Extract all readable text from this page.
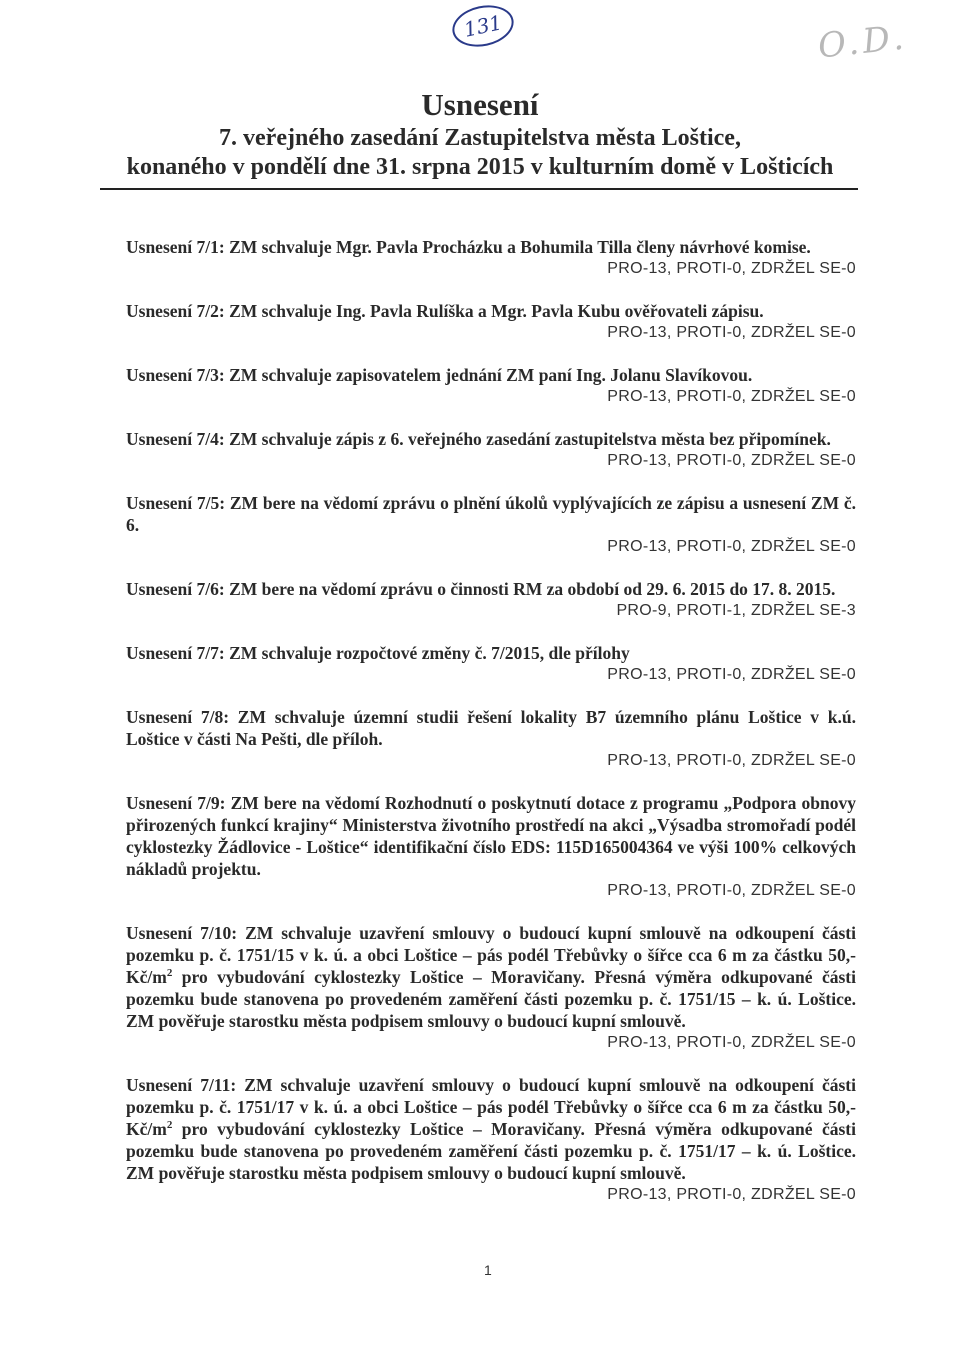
131	O.D.
Usnesení
7. veřejného zasedání Zastupitelstva města Loštice,
konaného v pondělí dne 31. srpna 2015 v kulturním domě v Lošticích
Usnesení 7/1: ZM schvaluje Mgr. Pavla Procházku a Bohumila Tilla členy návrhové komise.
PRO-13, PROTI-0, ZDRŽEL SE-0
Usnesení 7/2: ZM schvaluje Ing. Pavla Rulíška a Mgr. Pavla Kubu ověřovateli zápisu.
PRO-13, PROTI-0, ZDRŽEL SE-0
Usnesení 7/3: ZM schvaluje zapisovatelem jednání ZM paní Ing. Jolanu Slavíkovou.
PRO-13, PROTI-0, ZDRŽEL SE-0
Usnesení 7/4: ZM schvaluje zápis z 6. veřejného zasedání zastupitelstva města bez připomínek.
PRO-13, PROTI-0, ZDRŽEL SE-0
Usnesení 7/5: ZM bere na vědomí zprávu o plnění úkolů vyplývajících ze zápisu a usnesení ZM č. 6.
PRO-13, PROTI-0, ZDRŽEL SE-0
Usnesení 7/6: ZM bere na vědomí zprávu o činnosti RM za období od 29. 6. 2015 do 17. 8. 2015.
PRO-9, PROTI-1, ZDRŽEL SE-3
Usnesení 7/7: ZM schvaluje rozpočtové změny č. 7/2015, dle přílohy
PRO-13, PROTI-0, ZDRŽEL SE-0
Usnesení 7/8: ZM schvaluje územní studii řešení lokality B7 územního plánu Loštice v k.ú. Loštice v části Na Pešti, dle příloh.
PRO-13, PROTI-0, ZDRŽEL SE-0
Usnesení 7/9: ZM bere na vědomí Rozhodnutí o poskytnutí dotace z programu „Podpora obnovy přirozených funkcí krajiny“ Ministerstva životního prostředí na akci „Výsadba stromořadí podél cyklostezky Žádlovice - Loštice“ identifikační číslo EDS: 115D165004364 ve výši 100% celkových nákladů projektu.
PRO-13, PROTI-0, ZDRŽEL SE-0
Usnesení 7/10: ZM schvaluje uzavření smlouvy o budoucí kupní smlouvě na odkoupení části pozemku p. č. 1751/15 v k. ú. a obci Loštice – pás podél Třebůvky o šířce cca 6 m za částku 50,- $Kč/m^2$ pro vybudování cyklostezky Loštice – Moravičany. Přesná výměra odkupované části pozemku bude stanovena po provedeném zaměření části pozemku p. č. 1751/15 – k. ú. Loštice. ZM pověřuje starostku města podpisem smlouvy o budoucí kupní smlouvě.
PRO-13, PROTI-0, ZDRŽEL SE-0
Usnesení 7/11: ZM schvaluje uzavření smlouvy o budoucí kupní smlouvě na odkoupení části pozemku p. č. 1751/17 v k. ú. a obci Loštice – pás podél Třebůvky o šířce cca 6 m za částku 50,- $Kč/m^2$ pro vybudování cyklostezky Loštice – Moravičany. Přesná výměra odkupované části pozemku bude stanovena po provedeném zaměření části pozemku p. č. 1751/17 – k. ú. Loštice. ZM pověřuje starostku města podpisem smlouvy o budoucí kupní smlouvě.
PRO-13, PROTI-0, ZDRŽEL SE-0
1
